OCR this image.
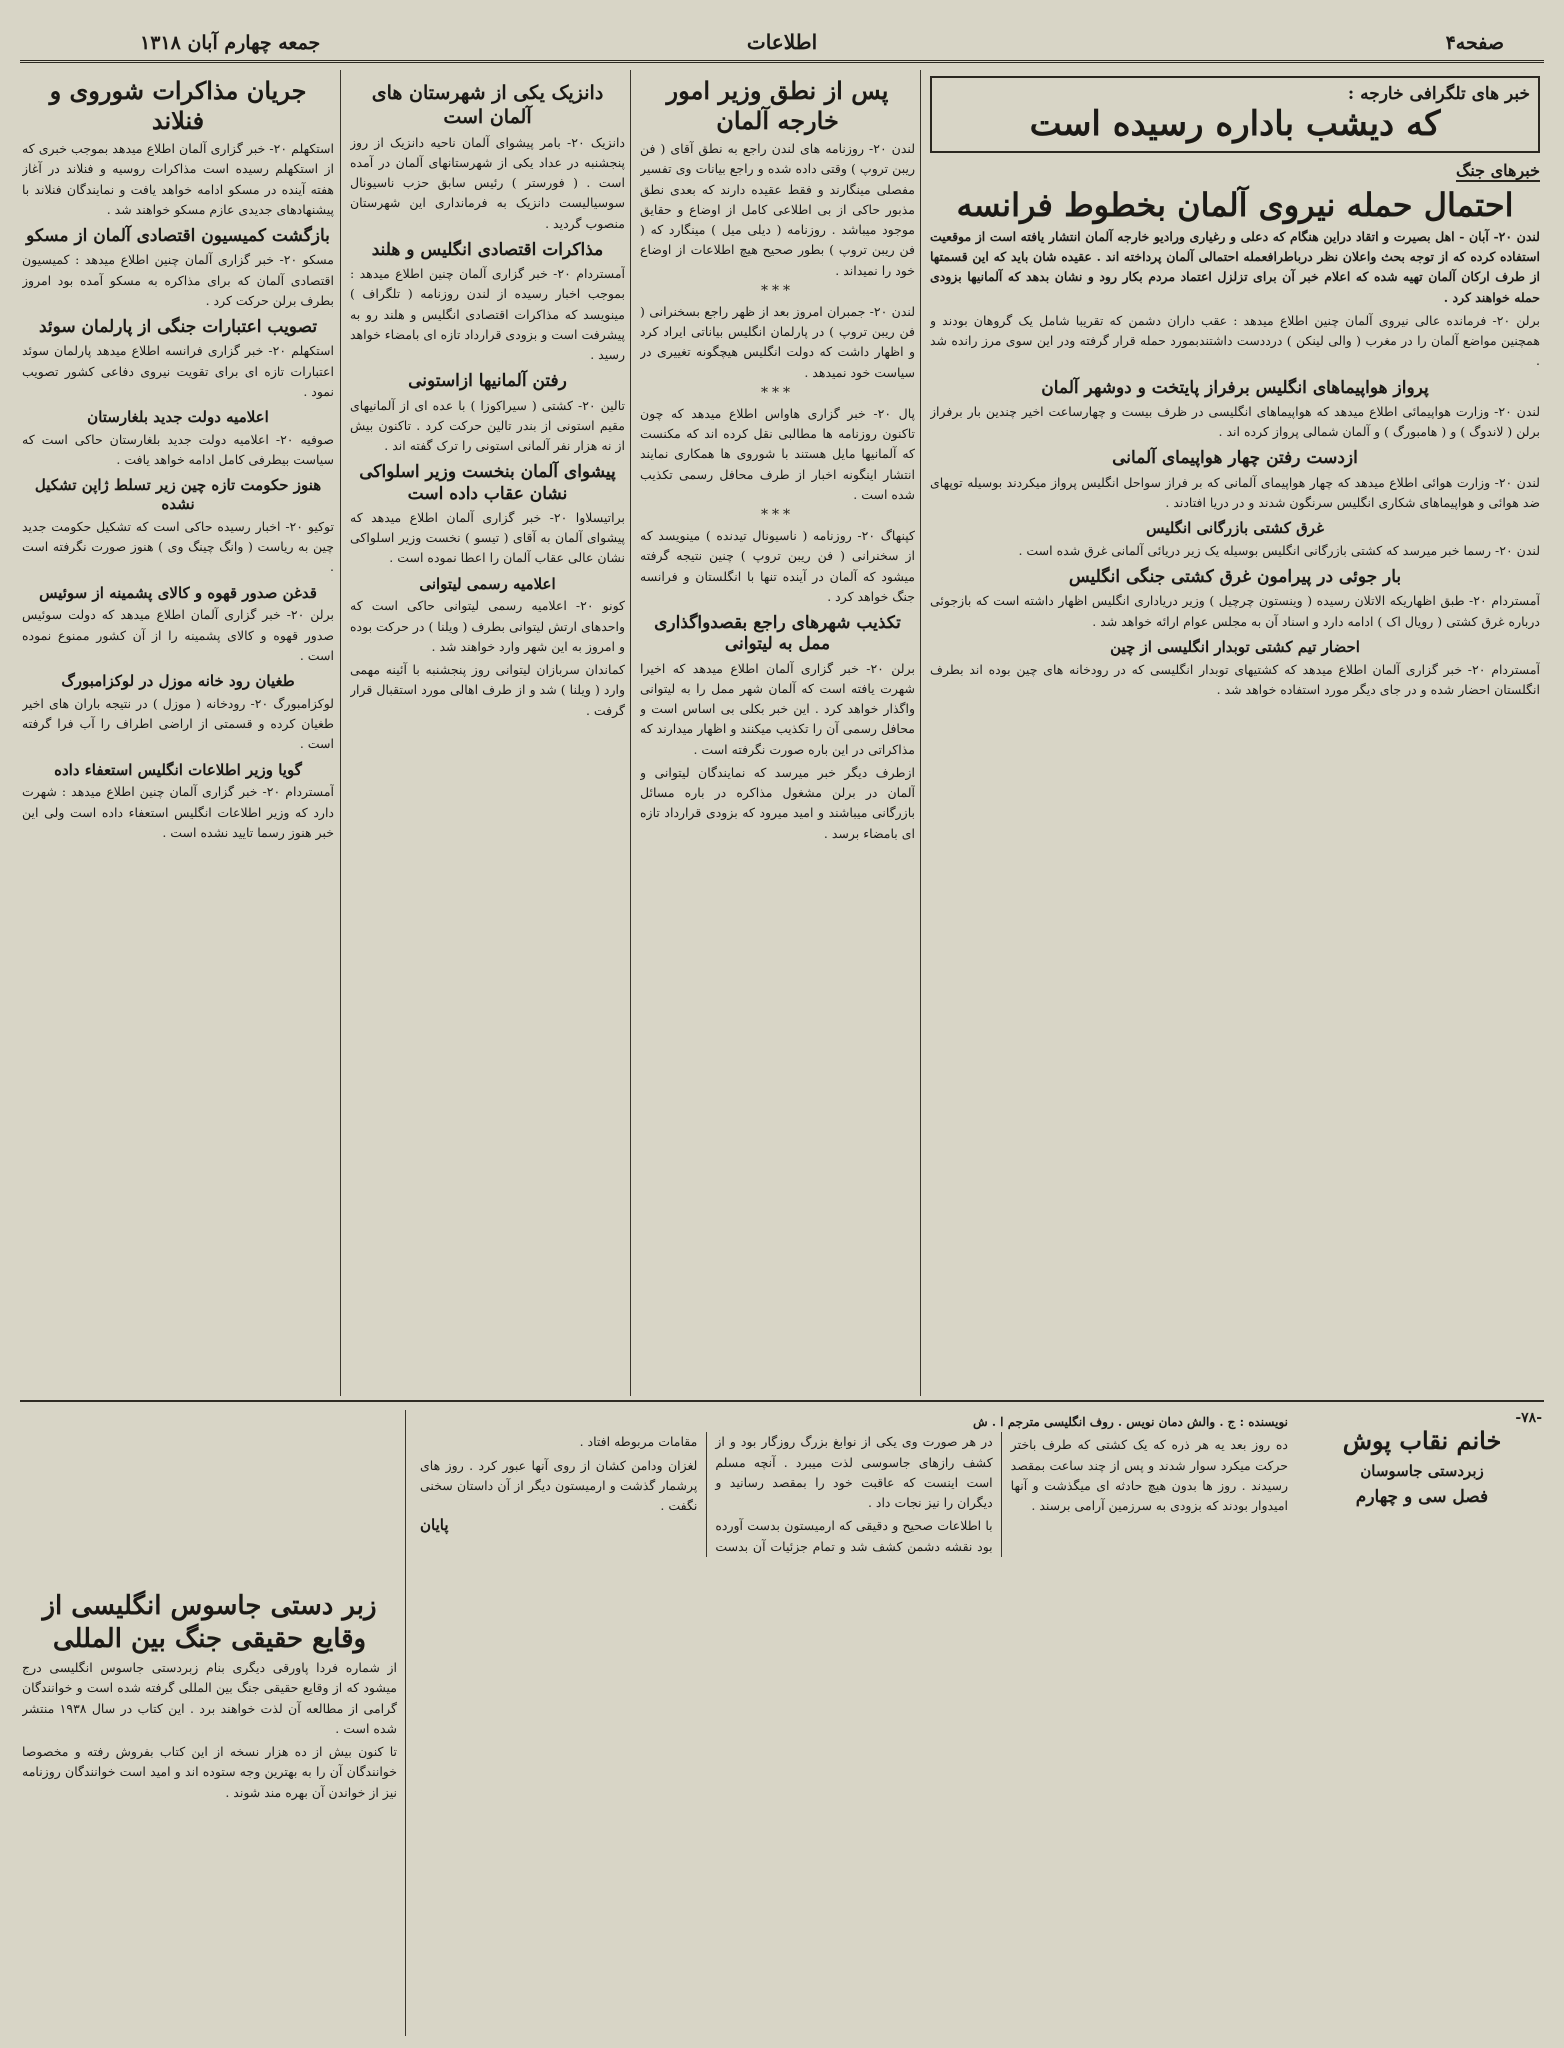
صفحه۴
اطلاعات
جمعه چهارم آبان ۱۳۱۸
خبر های تلگرافی خارجه :
که دیشب باداره رسیده است
خبرهای جنگ
احتمال حمله نیروی آلمان بخطوط فرانسه

لندن ۲۰- آبان - اهل بصیرت و اتقاد دراین هنگام که دعلی و رغیاری ورادیو خارجه آلمان انتشار یافته است از موقعیت استفاده کرده که از توجه بحث واعلان نظر درباطرافعمله احتمالی آلمان پرداخته اند . عقیده شان باید که این قسمتها از طرف ارکان آلمان تهیه شده که اعلام خبر آن برای تزلزل اعتماد مردم بکار رود و نشان بدهد که آلمانیها بزودی حمله خواهند کرد .

برلن ۲۰- فرمانده عالی نیروی آلمان چنین اطلاع میدهد : عقب داران دشمن که تقریبا شامل یک گروهان بودند و همچنین مواضع آلمان را در مغرب ( والی لینکن ) درددست داشتندبمورد حمله قرار گرفته ودر این سوی مرز رانده شد .

پرواز هواپیماهای انگلیس برفراز پایتخت و دوشهر آلمان

لندن ۲۰- وزارت هواپیمائی اطلاع میدهد که هواپیماهای انگلیسی در ظرف بیست و چهارساعت اخیر چندین بار برفراز برلن ( لاندوگ ) و ( هامبورگ ) و آلمان شمالی پرواز کرده اند .

ازدست رفتن چهار هواپیمای آلمانی

لندن ۲۰- وزارت هوائی اطلاع میدهد که چهار هواپیمای آلمانی که بر فراز سواحل انگلیس پرواز میکردند بوسیله توپهای ضد هوائی و هواپیماهای شکاری انگلیس سرنگون شدند و در دریا افتادند .

غرق کشتی بازرگانی انگلیس

لندن ۲۰- رسما خبر میرسد که کشتی بازرگانی انگلیس بوسیله یک زیر دریائی آلمانی غرق شده است .

بار جوئی در پیرامون غرق کشتی جنگی انگلیس

آمستردام ۲۰- طبق اظهاریکه الاتلان رسیده ( وینستون چرچیل ) وزیر دریاداری انگلیس اظهار داشته است که بازجوئی درباره غرق کشتی ( رویال اک ) ادامه دارد و اسناد آن به مجلس عوام ارائه خواهد شد .

احضار تیم کشتی توبدار انگلیسی از چین

آمستردام ۲۰- خبر گزاری آلمان اطلاع میدهد که کشتیهای توبدار انگلیسی که در رودخانه های چین بوده اند بطرف انگلستان احضار شده و در جای دیگر مورد استفاده خواهد شد .

پس از نطق وزیر امور خارجه آلمان

لندن ۲۰- روزنامه های لندن راجع به نطق آقای ( فن ریبن تروپ ) وقتی داده شده و راجع بیانات وی تفسیر مفصلی مینگارند و فقط عقیده دارند که بعدی نطق مذبور حاکی از بی اطلاعی کامل از اوضاع و حقایق موجود میباشد . روزنامه ( دیلی میل ) مینگارد که ( فن ریبن تروپ ) بطور صحیح هیچ اطلاعات از اوضاع خود را نمیداند .

***

لندن ۲۰- جمبران امروز بعد از ظهر راجع بسخنرانی ( فن ریبن تروپ ) در پارلمان انگلیس بیاناتی ایراد کرد و اظهار داشت که دولت انگلیس هیچگونه تغییری در سیاست خود نمیدهد .

***

پال ۲۰- خبر گزاری هاواس اطلاع میدهد که چون تاکنون روزنامه ها مطالبی نقل کرده اند که مکنست که آلمانیها مایل هستند با شوروی ها همکاری نمایند انتشار اینگونه اخبار از طرف محافل رسمی تکذیب شده است .

***

کپنهاگ ۲۰- روزنامه ( ناسیونال تیدنده ) مینویسد که از سخنرانی ( فن ریبن تروپ ) چنین نتیجه گرفته میشود که آلمان در آینده تنها با انگلستان و فرانسه جنگ خواهد کرد .

تکذیب شهرهای راجع بقصدواگذاری ممل به لیتوانی

برلن ۲۰- خبر گزاری آلمان اطلاع میدهد که اخیرا شهرت یافته است که آلمان شهر ممل را به لیتوانی واگذار خواهد کرد . این خبر بکلی بی اساس است و محافل رسمی آن را تکذیب میکنند و اظهار میدارند که مذاکراتی در این باره صورت نگرفته است .

ازطرف دیگر خبر میرسد که نمایندگان لیتوانی و آلمان در برلن مشغول مذاکره در باره مسائل بازرگانی میباشند و امید میرود که بزودی قرارداد تازه ای بامضاء برسد .

دانزیک یکی از شهرستان های آلمان است

دانزیک ۲۰- بامر پیشوای آلمان ناحیه دانزیک از روز پنجشنبه در عداد یکی از شهرستانهای آلمان در آمده است . ( فورستر ) رئیس سابق حزب ناسیونال سوسیالیست دانزیک به فرمانداری این شهرستان منصوب گردید .

مذاکرات اقتصادی انگلیس و هلند

آمستردام ۲۰- خبر گزاری آلمان چنین اطلاع میدهد : بموجب اخبار رسیده از لندن روزنامه ( تلگراف ) مینویسد که مذاکرات اقتصادی انگلیس و هلند رو به پیشرفت است و بزودی قرارداد تازه ای بامضاء خواهد رسید .

رفتن آلمانیها ازاستونی

تالین ۲۰- کشتی ( سیراکوزا ) با عده ای از آلمانیهای مقیم استونی از بندر تالین حرکت کرد . تاکنون بیش از نه هزار نفر آلمانی استونی را ترک گفته اند .

پیشوای آلمان بنخست وزیر اسلواکی نشان عقاب داده است

براتیسلاوا ۲۰- خبر گزاری آلمان اطلاع میدهد که پیشوای آلمان به آقای ( تیسو ) نخست وزیر اسلواکی نشان عالی عقاب آلمان را اعطا نموده است .

اعلامیه رسمی لیتوانی

کونو ۲۰- اعلامیه رسمی لیتوانی حاکی است که واحدهای ارتش لیتوانی بطرف ( ویلنا ) در حرکت بوده و امروز به این شهر وارد خواهند شد .

کماندان سربازان لیتوانی روز پنجشنبه با آئینه مهمی وارد ( ویلنا ) شد و از طرف اهالی مورد استقبال قرار گرفت .

جریان مذاکرات شوروی و فنلاند

استکهلم ۲۰- خبر گزاری آلمان اطلاع میدهد بموجب خبری که از استکهلم رسیده است مذاکرات روسیه و فنلاند در آغاز هفته آینده در مسکو ادامه خواهد یافت و نمایندگان فنلاند با پیشنهادهای جدیدی عازم مسکو خواهند شد .

بازگشت کمیسیون اقتصادی آلمان از مسکو

مسکو ۲۰- خبر گزاری آلمان چنین اطلاع میدهد : کمیسیون اقتصادی آلمان که برای مذاکره به مسکو آمده بود امروز بطرف برلن حرکت کرد .

تصویب اعتبارات جنگی از پارلمان سوئد

استکهلم ۲۰- خبر گزاری فرانسه اطلاع میدهد پارلمان سوئد اعتبارات تازه ای برای تقویت نیروی دفاعی کشور تصویب نمود .

اعلامیه دولت جدید بلغارستان

صوفیه ۲۰- اعلامیه دولت جدید بلغارستان حاکی است که سیاست بیطرفی کامل ادامه خواهد یافت .

هنوز حکومت تازه چین زیر تسلط ژاپن تشکیل نشده

توکیو ۲۰- اخبار رسیده حاکی است که تشکیل حکومت جدید چین به ریاست ( وانگ چینگ وی ) هنوز صورت نگرفته است .

قدغن صدور قهوه و کالای پشمینه از سوئیس

برلن ۲۰- خبر گزاری آلمان اطلاع میدهد که دولت سوئیس صدور قهوه و کالای پشمینه را از آن کشور ممنوع نموده است .

طغیان رود خانه موزل در لوکزامبورگ

لوکزامبورگ ۲۰- رودخانه ( موزل ) در نتیجه باران های اخیر طغیان کرده و قسمتی از اراضی اطراف را آب فرا گرفته است .

گویا وزیر اطلاعات انگلیس استعفاء داده

آمستردام ۲۰- خبر گزاری آلمان چنین اطلاع میدهد : شهرت دارد که وزیر اطلاعات انگلیس استعفاء داده است ولی این خبر هنوز رسما تایید نشده است .

-۷۸-
خانم نقاب پوش
زبردستی جاسوسان
فصل سی و چهارم

نویسنده : ج . والش دمان نویس . روف انگلیسی مترجم ا . ش

ده روز بعد یه هر ذره که یک کشتی که طرف باختر حرکت میکرد سوار شدند و پس از چند ساعت بمقصد رسیدند . روز ها بدون هیچ حادثه ای میگذشت و آنها امیدوار بودند که بزودی به سرزمین آرامی برسند .

در هر صورت وی یکی از نوابغ بزرگ روزگار بود و از کشف رازهای جاسوسی لذت میبرد . آنچه مسلم است اینست که عاقبت خود را بمقصد رسانید و دیگران را نیز نجات داد .

با اطلاعات صحیح و دقیقی که ارمیستون بدست آورده بود نقشه دشمن کشف شد و تمام جزئیات آن بدست مقامات مربوطه افتاد .

لغزان ودامن کشان از روی آنها عبور کرد . روز های پرشمار گذشت و ارمیستون دیگر از آن داستان سخنی نگفت .

پایان
زبر دستی جاسوس انگلیسی از وقایع حقیقی جنگ بین المللی

از شماره فردا پاورقی دیگری بنام زبردستی جاسوس انگلیسی درج میشود که از وقایع حقیقی جنگ بین المللی گرفته شده است و خوانندگان گرامی از مطالعه آن لذت خواهند برد . این کتاب در سال ۱۹۳۸ منتشر شده است .

تا کنون بیش از ده هزار نسخه از این کتاب بفروش رفته و مخصوصا خوانندگان آن را به بهترین وجه ستوده اند و امید است خوانندگان روزنامه نیز از خواندن آن بهره مند شوند .
